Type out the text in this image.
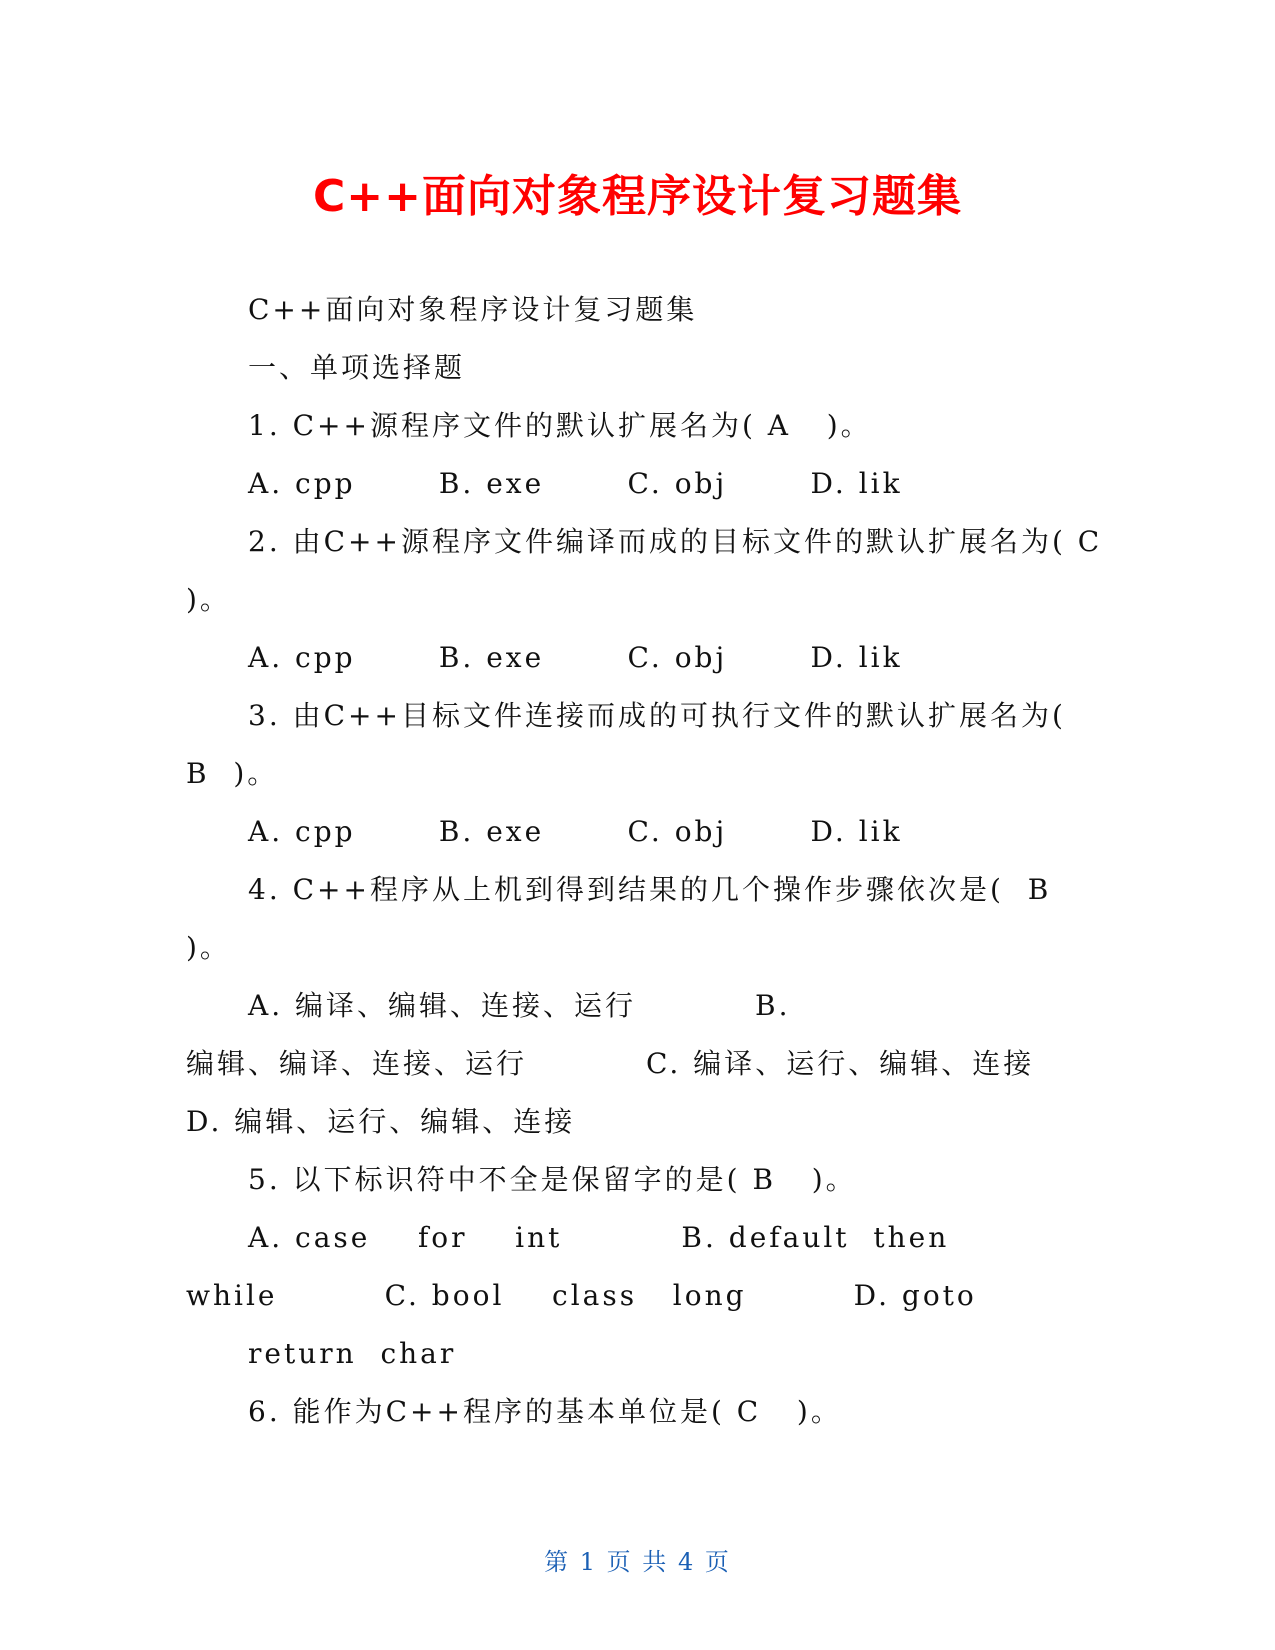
C++面向对象程序设计复习题集
C++面向对象程序设计复习题集
一、单项选择题
1. C++源程序文件的默认扩展名为( A   )。
A. cpp       B. exe       C. obj       D. lik
2. 由C++源程序文件编译而成的目标文件的默认扩展名为( C
)。
A. cpp       B. exe       C. obj       D. lik
3. 由C++目标文件连接而成的可执行文件的默认扩展名为(
B  )。
A. cpp       B. exe       C. obj       D. lik
4. C++程序从上机到得到结果的几个操作步骤依次是(  B
)。
A. 编译、编辑、连接、运行          B.
编辑、编译、连接、运行          C. 编译、运行、编辑、连接
D. 编辑、运行、编辑、连接
5. 以下标识符中不全是保留字的是( B   )。
A. case    for    int          B. default  then
while         C. bool    class   long         D. goto
return  char
6. 能作为C++程序的基本单位是( C   )。
第 1 页 共 4 页
